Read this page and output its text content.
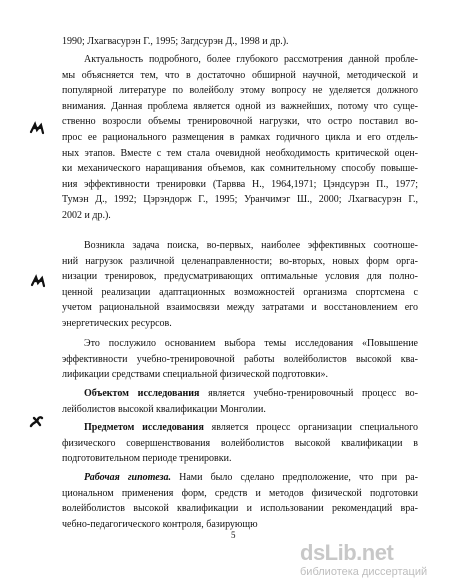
1990; Лхагвасурэн Г., 1995; Загдсурэн Д., 1998 и др.).

Актуальность подробного, более глубокого рассмотрения данной пробле-
мы объясняется тем, что в достаточно обширной научной, методической и
популярной литературе по волейболу этому вопросу не уделяется должного
внимания. Данная проблема является одной из важнейших, потому что суще-
ственно возросли объемы тренировочной нагрузки, что остро поставил во-
прос ее рационального размещения в рамках годичного цикла и его отдель-
ных этапов. Вместе с тем стала очевидной необходимость критической оцен-
ки механического наращивания объемов, как сомнительному способу повыше-
ния эффективности тренировки (Тарвва Н., 1964,1971; Цэндсурэн П., 1977;
Тумэн Д., 1992; Цэрэндорж Г., 1995; Уранчимэг Ш., 2000; Лхагвасурэн Г.,
2002 и др.).

Возникла задача поиска, во-первых, наиболее эффективных соотноше-
ний нагрузок различной целенаправленности; во-вторых, новых форм орга-
низации тренировок, предусматривающих оптимальные условия для полно-
ценной реализации адаптационных возможностей организма спортсмена с
учетом рациональной взаимосвязи между затратами и восстановлением его
энергетических ресурсов.

Это послужило основанием выбора темы исследования «Повышение
эффективности учебно-тренировочной работы волейболистов высокой ква-
лификации средствами специальной физической подготовки».

Объектом исследования является учебно-тренировочный процесс во-
лейболистов высокой квалификации Монголии.

Предметом исследования является процесс организации специального
физического совершенствования волейболистов высокой квалификации в
подготовительном периоде тренировки.

Рабочая гипотеза. Нами было сделано предположение, что при ра-
циональном применения форм, средств и методов физической подготовки
волейболистов высокой квалификации и использовании рекомендаций вра-
чебно-педагогического контроля, базирующю

5
dsLib.net
библиотека диссертаций
